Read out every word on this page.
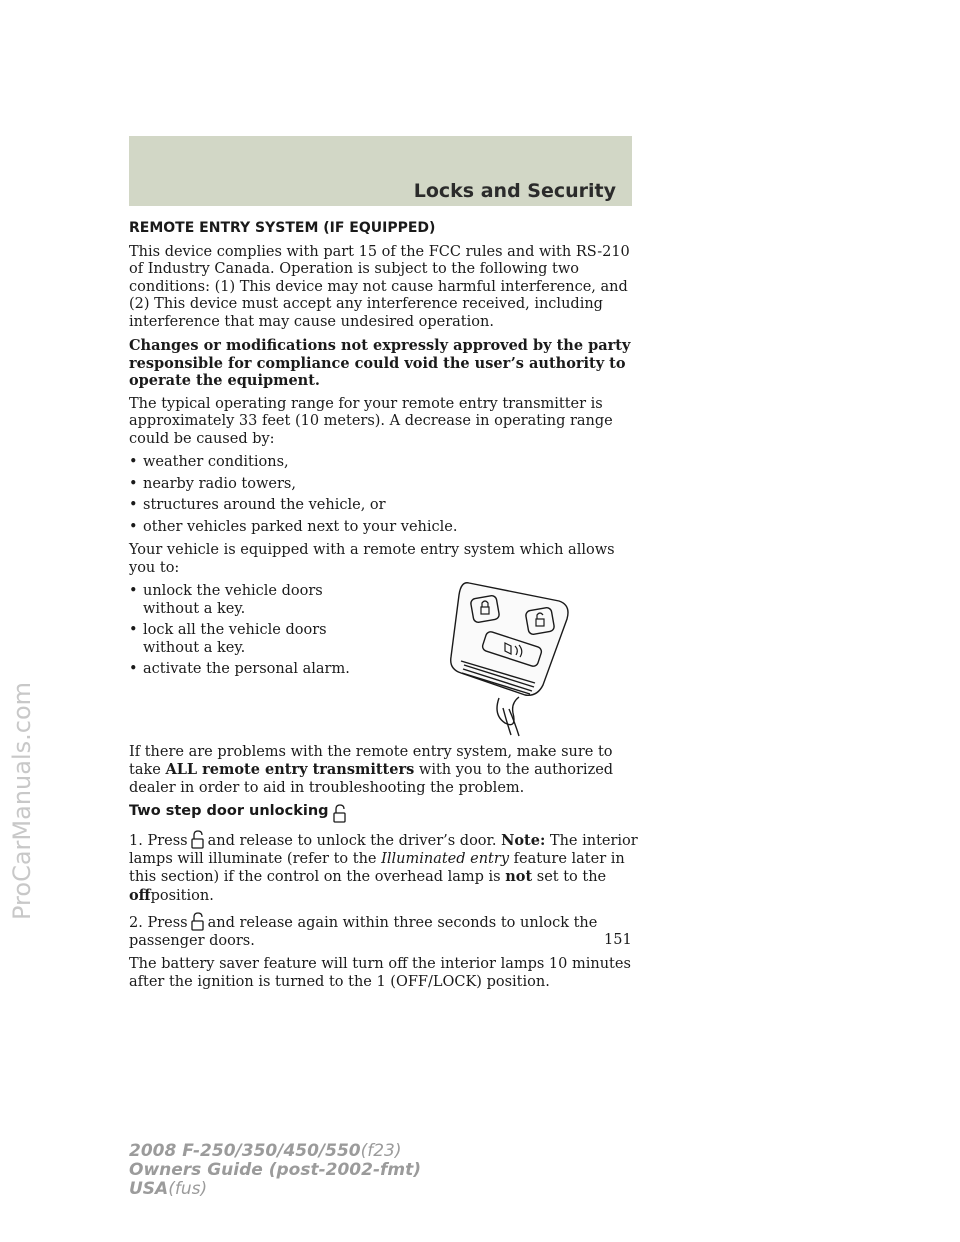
Locks and Security
ProCarManuals.com
REMOTE ENTRY SYSTEM (IF EQUIPPED)

This device complies with part 15 of the FCC rules and with RS-210 of Industry Canada. Operation is subject to the following two conditions: (1) This device may not cause harmful interference, and (2) This device must accept any interference received, including interference that may cause undesired operation.

Changes or modifications not expressly approved by the party responsible for compliance could void the user’s authority to operate the equipment.

The typical operating range for your remote entry transmitter is approximately 33 feet (10 meters). A decrease in operating range could be caused by:

• weather conditions,
• nearby radio towers,
• structures around the vehicle, or
• other vehicles parked next to your vehicle.

Your vehicle is equipped with a remote entry system which allows you to:

• unlock the vehicle doors without a key.
• lock all the vehicle doors without a key.
• activate the personal alarm.

If there are problems with the remote entry system, make sure to take ALL remote entry transmitters with you to the authorized dealer in order to aid in troubleshooting the problem.

Two step door unlocking

1. Press and release to unlock the driver’s door. Note: The interior lamps will illuminate (refer to the Illuminated entry feature later in this section) if the control on the overhead lamp is not set to the offposition.

2. Press and release again within three seconds to unlock the passenger doors.

The battery saver feature will turn off the interior lamps 10 minutes after the ignition is turned to the 1 (OFF/LOCK) position.

151
2008 F-250/350/450/550(f23)
Owners Guide (post-2002-fmt)
USA(fus)
